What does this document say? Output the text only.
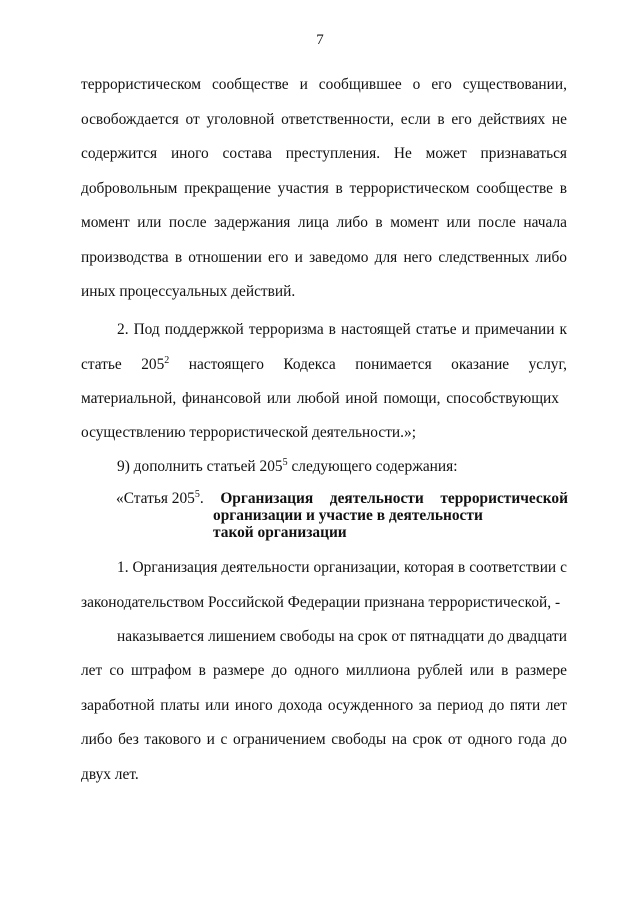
7
террористическом сообществе и сообщившее о его существовании,
освобождается от уголовной ответственности, если в его действиях не
содержится иного состава преступления. Не может признаваться
добровольным прекращение участия в террористическом сообществе в
момент или после задержания лица либо в момент или после начала
производства в отношении его и заведомо для него следственных либо
иных процессуальных действий.
2. Под поддержкой терроризма в настоящей статье и примечании к
статье $205^2$ настоящего Кодекса понимается оказание услуг,
материальной, финансовой или любой иной помощи, способствующих
осуществлению террористической деятельности.»;
9) дополнить статьей $205^5$ следующего содержания:
«Статья $205^5$. Организация деятельности террористической
организации и участие в деятельности
такой организации
1. Организация деятельности организации, которая в соответствии с
законодательством Российской Федерации признана террористической, -
наказывается лишением свободы на срок от пятнадцати до двадцати
лет со штрафом в размере до одного миллиона рублей или в размере
заработной платы или иного дохода осужденного за период до пяти лет
либо без такового и с ограничением свободы на срок от одного года до
двух лет.
